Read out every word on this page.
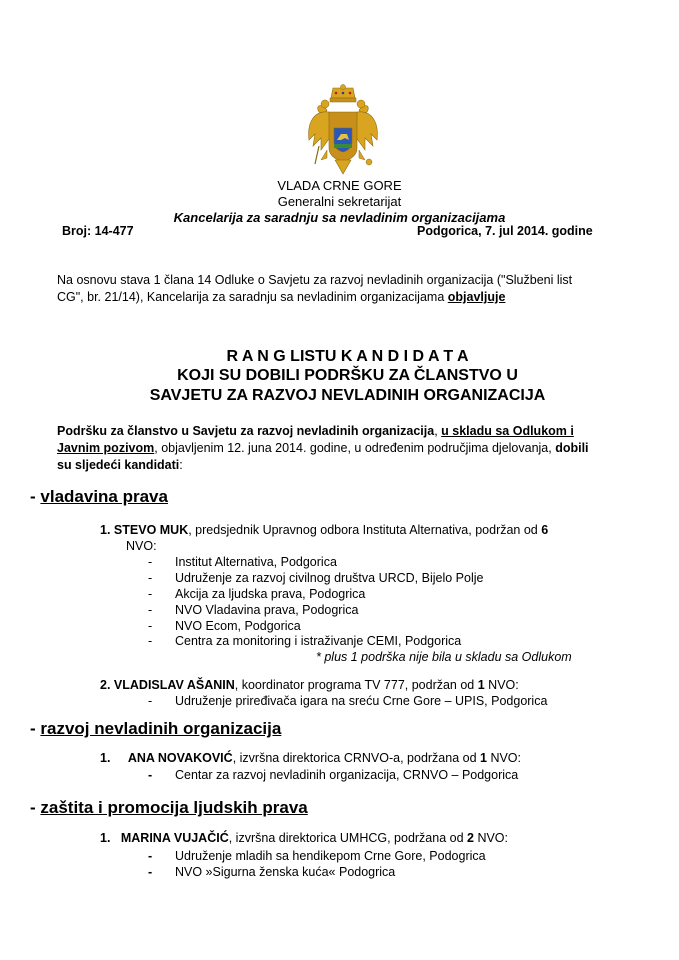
VLADA CRNE GORE
Generalni sekretarijat
Kancelarija za saradnju sa nevladinim organizacijama
Broj: 14-477	Podgorica, 7. jul 2014. godine
Na osnovu stava 1 člana 14 Odluke o Savjetu za razvoj nevladinih organizacija ("Službeni list
CG", br. 21/14), Kancelarija za saradnju sa nevladinim organizacijama objavljuje
R A N G LISTU K A N D I D A T A
KOJI SU DOBILI PODRŠKU ZA ČLANSTVO U
SAVJETU ZA RAZVOJ NEVLADINIH ORGANIZACIJA
Podršku za članstvo u Savjetu za razvoj nevladinih organizacija, u skladu sa Odlukom i
Javnim pozivom, objavljenim 12. juna 2014. godine, u određenim područjima djelovanja, dobili
su sljedeći kandidati:
- vladavina prava
1. STEVO MUK, predsjednik Upravnog odbora Instituta Alternativa, podržan od 6
NVO:
-	Institut Alternativa, Podgorica
-	Udruženje za razvoj civilnog društva URCD, Bijelo Polje
-	Akcija za ljudska prava, Podogrica
-	NVO Vladavina prava, Podogrica
-	NVO Ecom, Podgorica
-	Centra za monitoring i istraživanje CEMI, Podgorica
* plus 1 podrška nije bila u skladu sa Odlukom
2. VLADISLAV AŠANIN, koordinator programa TV 777, podržan od 1 NVO:
-	Udruženje priređivača igara na sreću Crne Gore – UPIS, Podgorica
- razvoj nevladinih organizacija
1. ANA NOVAKOVIĆ, izvršna direktorica CRNVO-a, podržana od 1 NVO:
-	Centar za razvoj nevladinih organizacija, CRNVO – Podgorica
- zaštita i promocija ljudskih prava
1. MARINA VUJAČIĆ, izvršna direktorica UMHCG, podržana od 2 NVO:
-	Udruženje mladih sa hendikepom Crne Gore, Podogrica
-	NVO »Sigurna ženska kuća« Podogrica
